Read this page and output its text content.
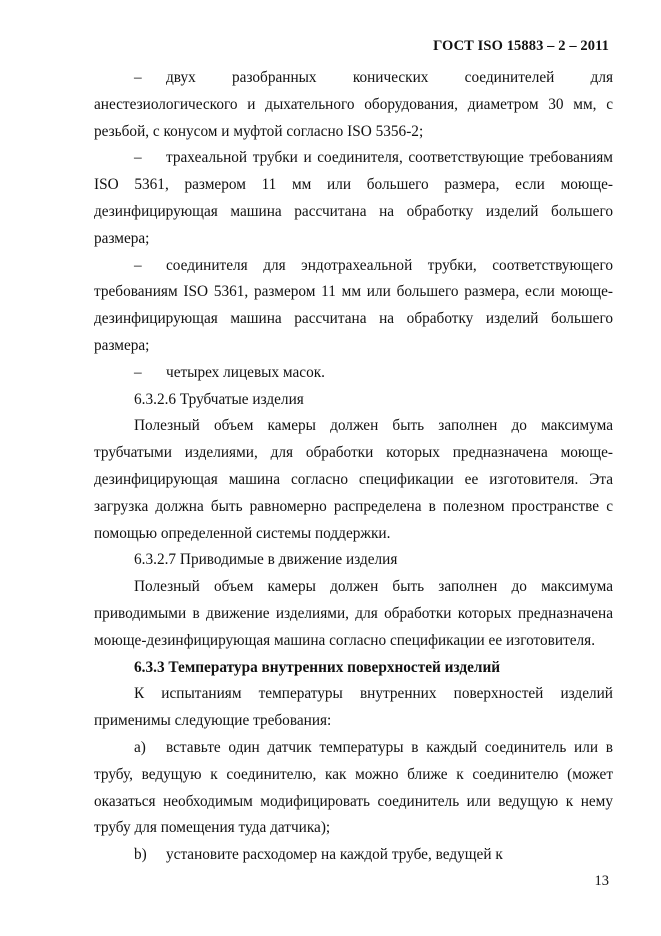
ГОСТ ISO 15883 – 2 – 2011

– двух разобранных конических соединителей для анестезиологического и дыхательного оборудования, диаметром 30 мм, с резьбой, с конусом и муфтой согласно ISO 5356-2;

– трахеальной трубки и соединителя, соответствующие требованиям ISO 5361, размером 11 мм или большего размера, если моюще-дезинфицирующая машина рассчитана на обработку изделий большего размера;

– соединителя для эндотрахеальной трубки, соответствующего требованиям ISO 5361, размером 11 мм или большего размера, если моюще-дезинфицирующая машина рассчитана на обработку изделий большего размера;

– четырех лицевых масок.

6.3.2.6 Трубчатые изделия

Полезный объем камеры должен быть заполнен до максимума трубчатыми изделиями, для обработки которых предназначена моюще-дезинфицирующая машина согласно спецификации ее изготовителя. Эта загрузка должна быть равномерно распределена в полезном пространстве с помощью определенной системы поддержки.

6.3.2.7 Приводимые в движение изделия

Полезный объем камеры должен быть заполнен до максимума приводимыми в движение изделиями, для обработки которых предназначена моюще-дезинфицирующая машина согласно спецификации ее изготовителя.

6.3.3 Температура внутренних поверхностей изделий

К испытаниям температуры внутренних поверхностей изделий применимы следующие требования:

a) вставьте один датчик температуры в каждый соединитель или в трубу, ведущую к соединителю, как можно ближе к соединителю (может оказаться необходимым модифицировать соединитель или ведущую к нему трубу для помещения туда датчика);

b) установите расходомер на каждой трубе, ведущей к

13
